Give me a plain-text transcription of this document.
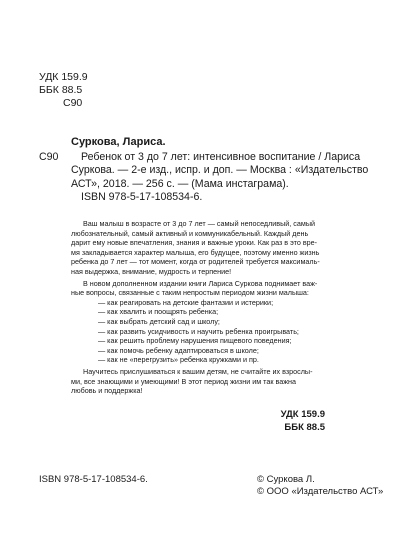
УДК 159.9
ББК 88.5
С90
Суркова, Лариса.
С90	Ребенок от 3 до 7 лет: интенсивное воспитание / Лариса
Суркова. — 2-е изд., испр. и доп. — Москва : «Издательство
АСТ», 2018. — 256 с. — (Мама инстаграма).
ISBN 978-5-17-108534-6.
Ваш малыш в возрасте от 3 до 7 лет — самый непоседливый, самый
любознательный, самый активный и коммуникабельный. Каждый день
дарит ему новые впечатления, знания и важные уроки. Как раз в это вре-
мя закладывается характер малыша, его будущее, поэтому именно жизнь
ребенка до 7 лет — тот момент, когда от родителей требуется максималь-
ная выдержка, внимание, мудрость и терпение!
В новом дополненном издании книги Лариса Суркова поднимает важ-
ные вопросы, связанные с таким непростым периодом жизни малыша:
— как реагировать на детские фантазии и истерики;
— как хвалить и поощрять ребенка;
— как выбрать детский сад и школу;
— как развить усидчивость и научить ребенка проигрывать;
— как решить проблему нарушения пищевого поведения;
— как помочь ребенку адаптироваться в школе;
— как не «перегрузить» ребенка кружками и пр.
Научитесь прислушиваться к вашим детям, не считайте их взрослы-
ми, все знающими и умеющими! В этот период жизни им так важна
любовь и поддержка!
УДК 159.9
ББК 88.5
ISBN 978-5-17-108534-6.	© Суркова Л.
© ООО «Издательство АСТ»
